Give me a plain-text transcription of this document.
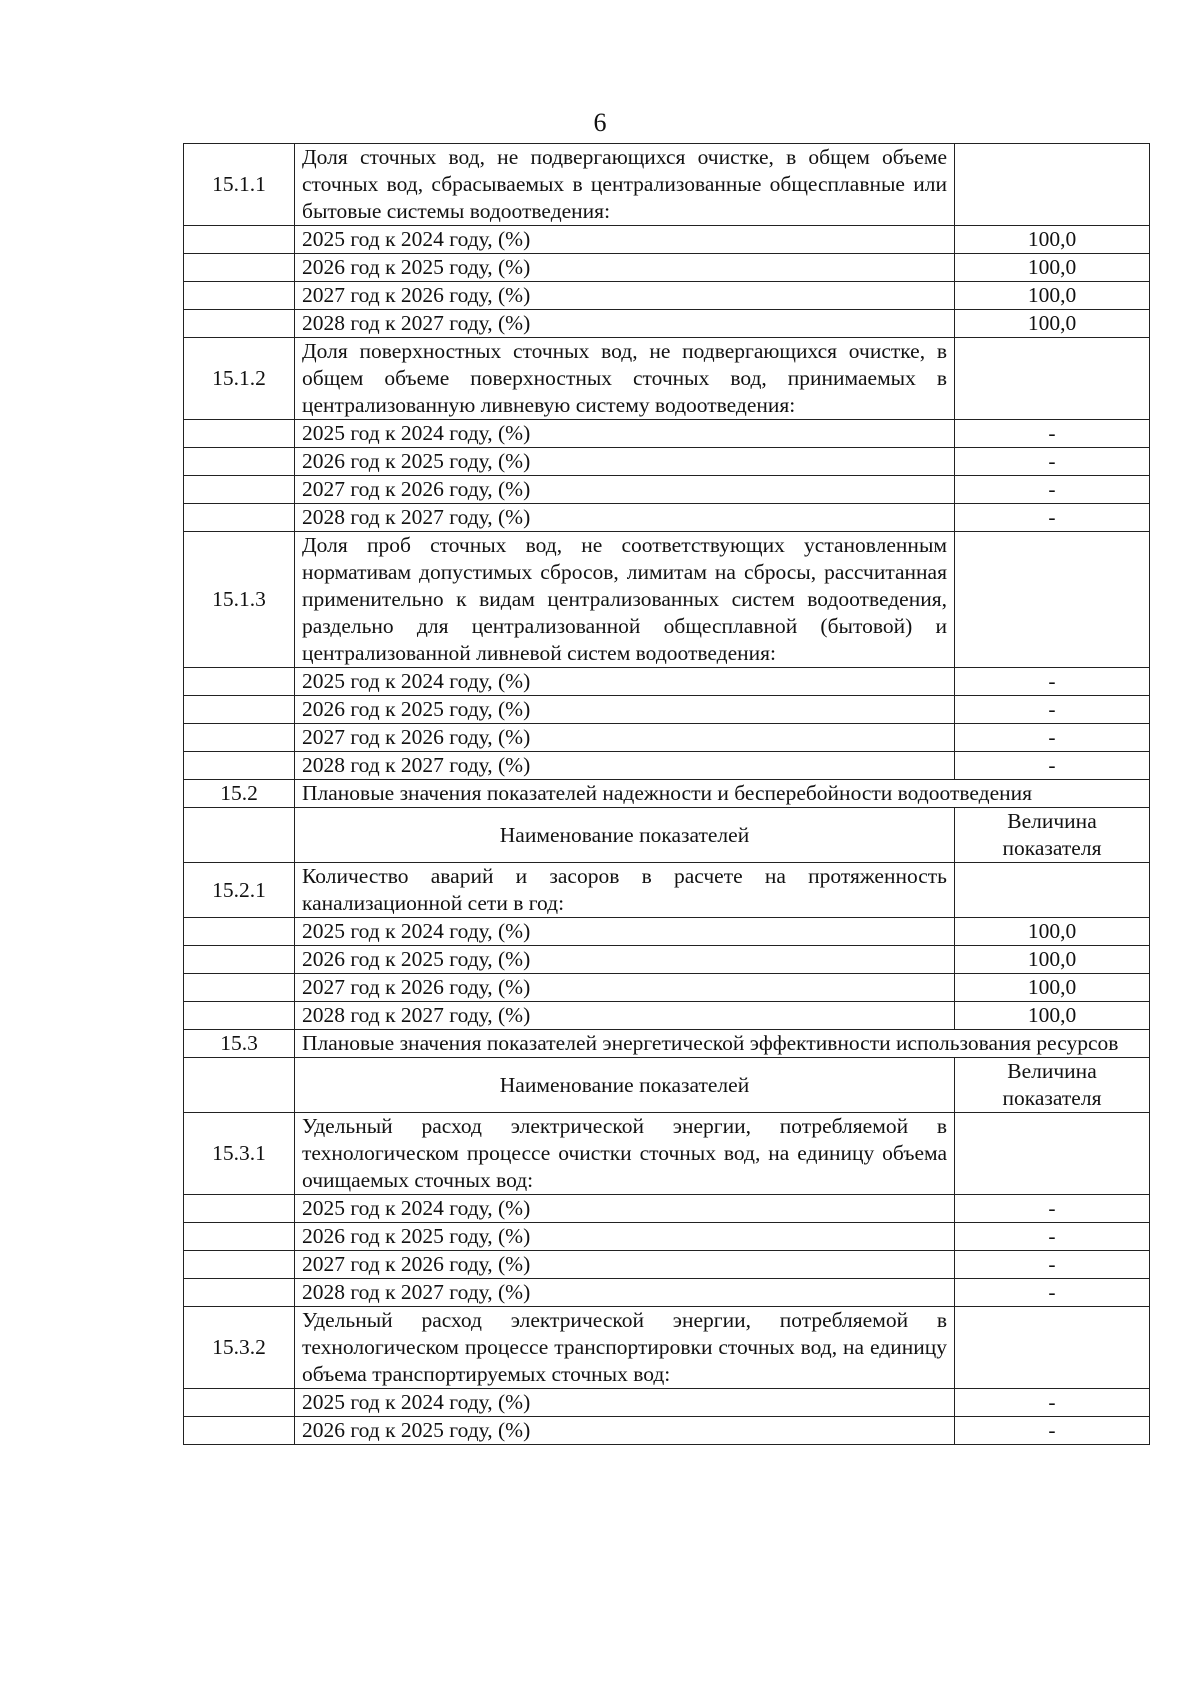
6
15.1.1	Доля сточных вод, не подвергающихся очистке, в общем объеме сточных вод, сбрасываемых в централизованные общесплавные или бытовые системы водоотведения:	
	2025 год к 2024 году, (%)	100,0
	2026 год к 2025 году, (%)	100,0
	2027 год к 2026 году, (%)	100,0
	2028 год к 2027 году, (%)	100,0
15.1.2	Доля поверхностных сточных вод, не подвергающихся очистке, в общем объеме поверхностных сточных вод, принимаемых в централизованную ливневую систему водоотведения:	
	2025 год к 2024 году, (%)	-
	2026 год к 2025 году, (%)	-
	2027 год к 2026 году, (%)	-
	2028 год к 2027 году, (%)	-
15.1.3	Доля проб сточных вод, не соответствующих установленным нормативам допустимых сбросов, лимитам на сбросы, рассчитанная применительно к видам централизованных систем водоотведения, раздельно для централизованной общесплавной (бытовой) и централизованной ливневой систем водоотведения:	
	2025 год к 2024 году, (%)	-
	2026 год к 2025 году, (%)	-
	2027 год к 2026 году, (%)	-
	2028 год к 2027 году, (%)	-
15.2	Плановые значения показателей надежности и бесперебойности водоотведения	
	Наименование показателей	Величина показателя
15.2.1	Количество аварий и засоров в расчете на протяженность канализационной сети в год:	
	2025 год к 2024 году, (%)	100,0
	2026 год к 2025 году, (%)	100,0
	2027 год к 2026 году, (%)	100,0
	2028 год к 2027 году, (%)	100,0
15.3	Плановые значения показателей энергетической эффективности использования ресурсов	
	Наименование показателей	Величина показателя
15.3.1	Удельный расход электрической энергии, потребляемой в технологическом процессе очистки сточных вод, на единицу объема очищаемых сточных вод:	
	2025 год к 2024 году, (%)	-
	2026 год к 2025 году, (%)	-
	2027 год к 2026 году, (%)	-
	2028 год к 2027 году, (%)	-
15.3.2	Удельный расход электрической энергии, потребляемой в технологическом процессе транспортировки сточных вод, на единицу объема транспортируемых сточных вод:	
	2025 год к 2024 году, (%)	-
	2026 год к 2025 году, (%)	-
